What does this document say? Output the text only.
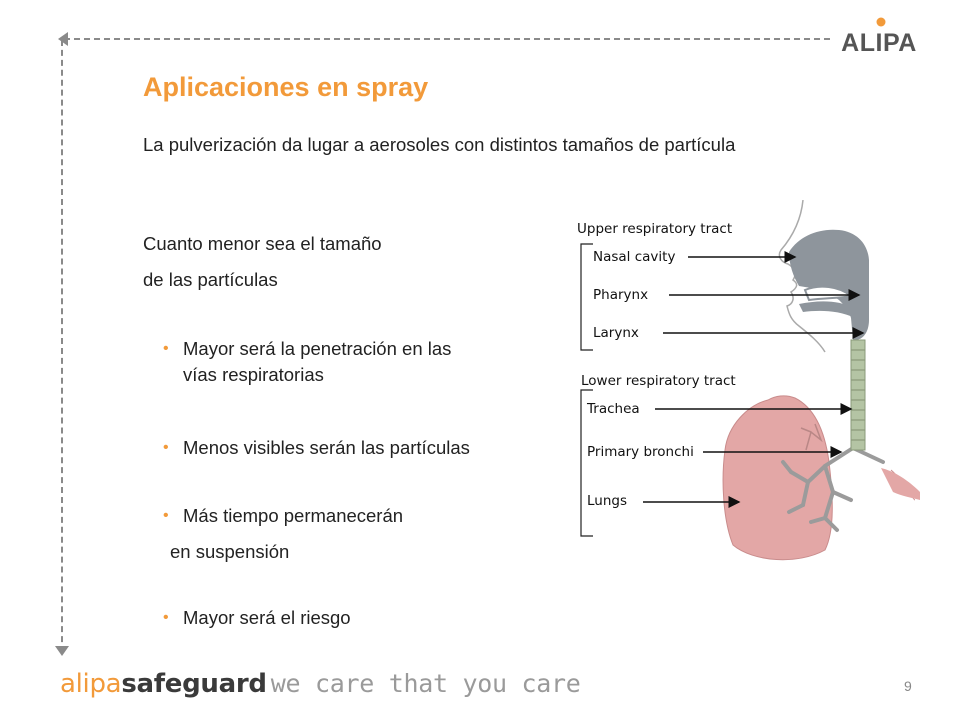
ALIPA
Aplicaciones en spray

La pulverización da lugar a aerosoles con distintos tamaños de partícula

Cuanto menor sea el tamaño

de las partículas

• Mayor será la penetración en las
• Menos visibles serán las partículas
• Más tiempo permanecerán
• Mayor será el riesgo
vías respiratorias
en suspensión
Upper respiratory tract
Lower respiratory tract
Nasal cavity
Pharynx
Larynx
Trachea
Primary bronchi
Lungs
alipasafeguard we care that you care	9
